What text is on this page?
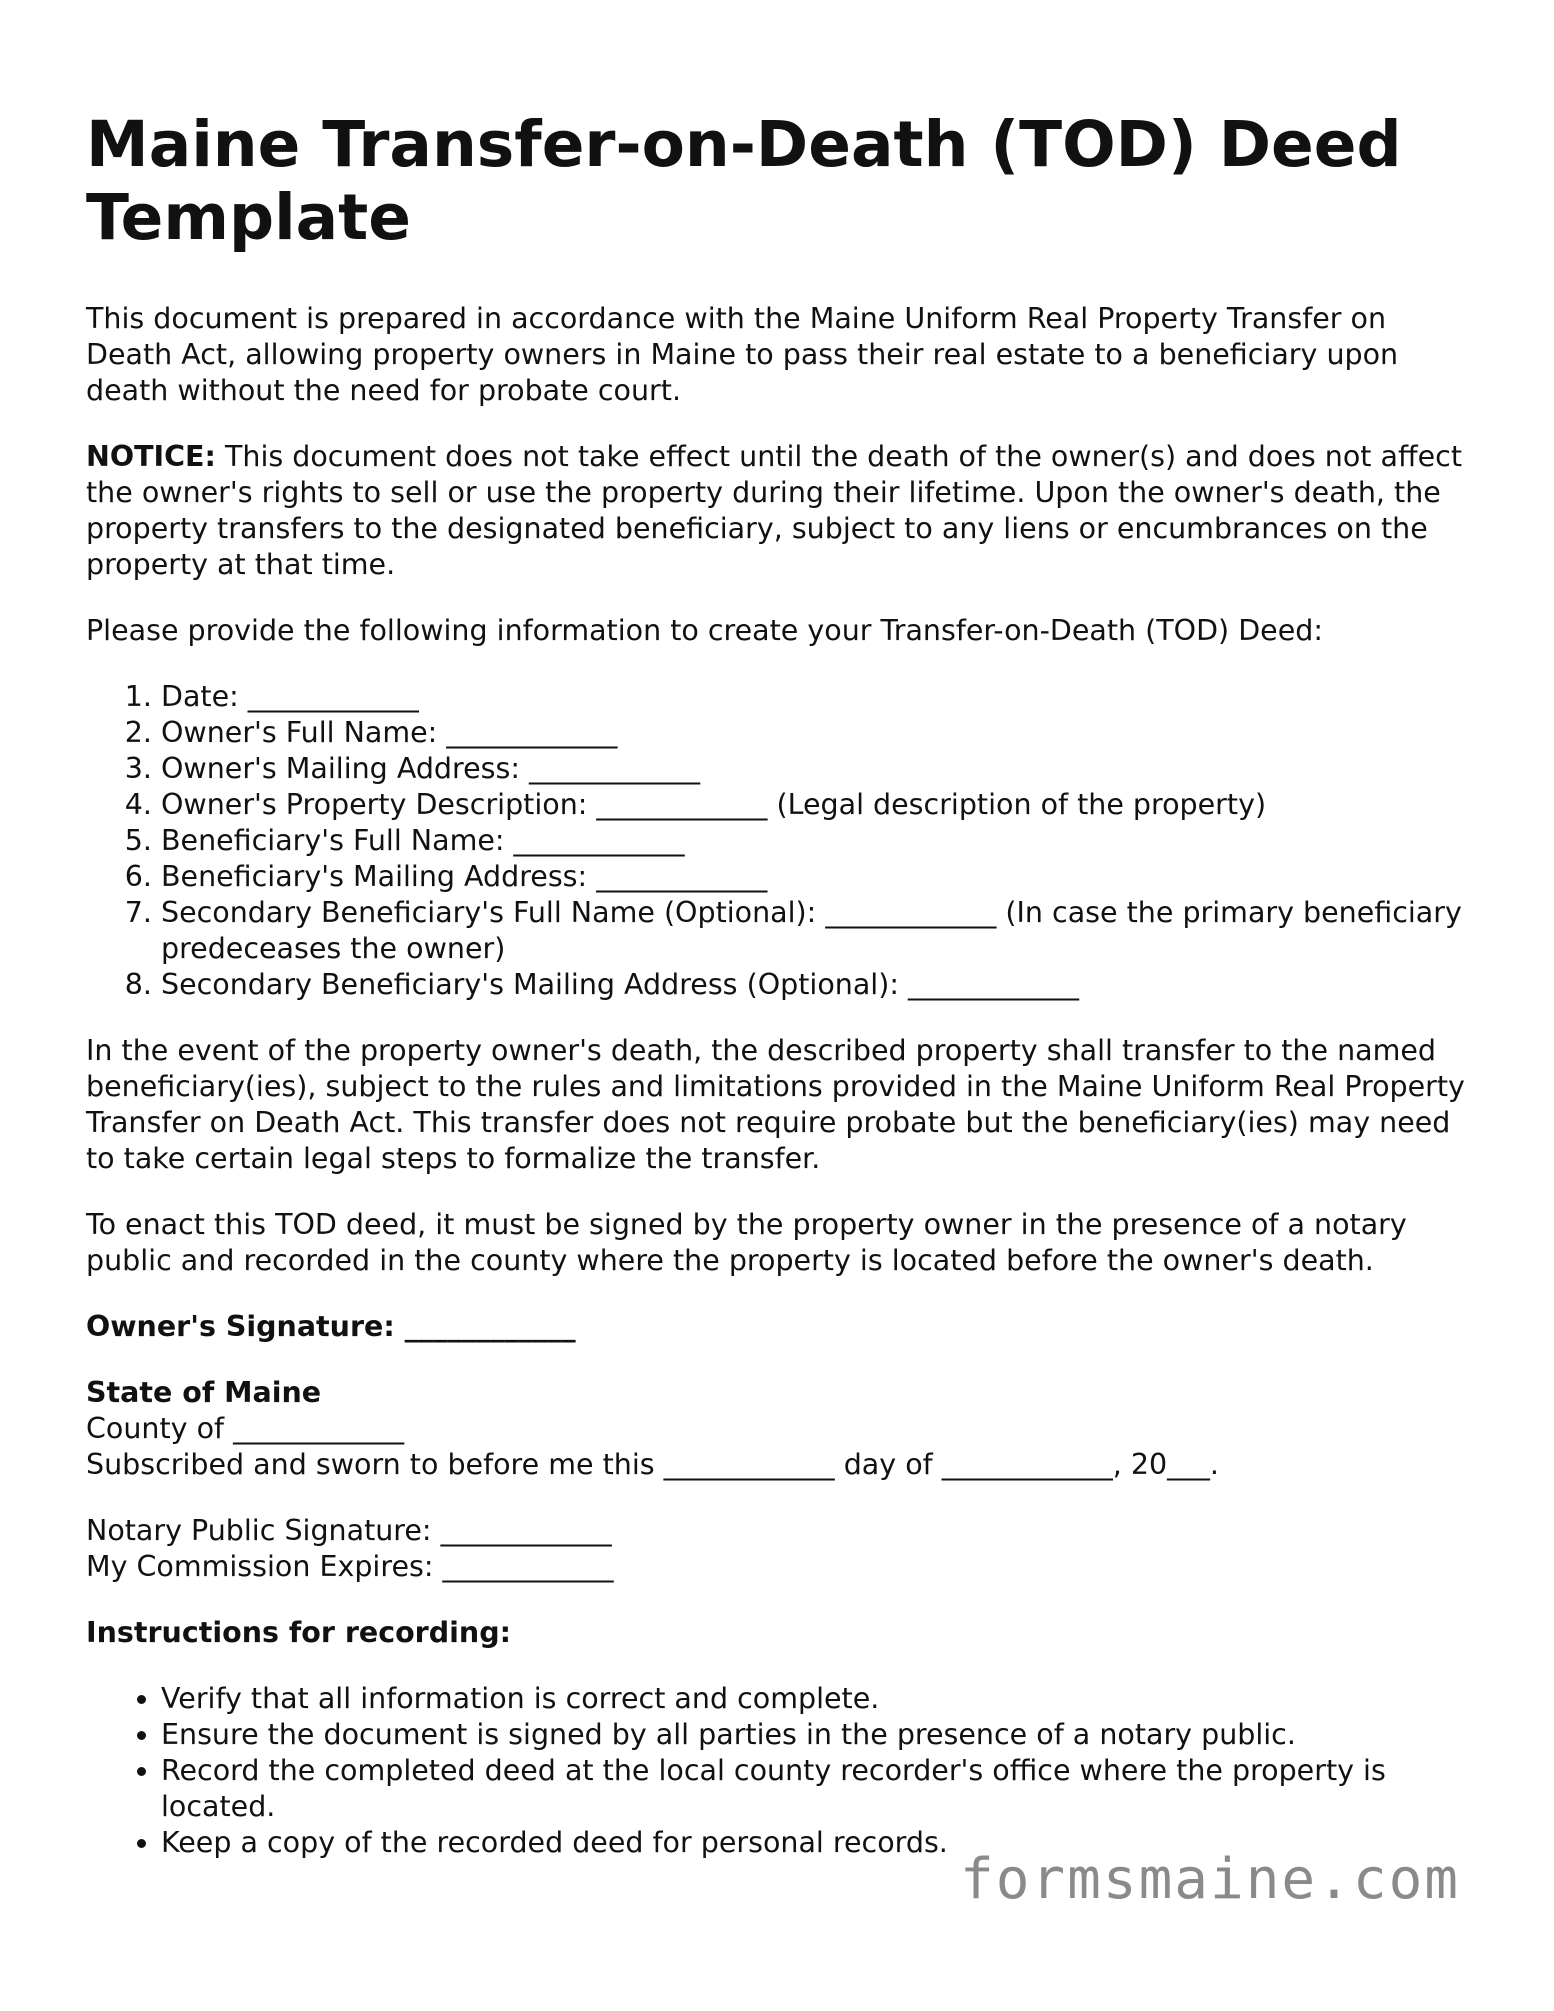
Maine Transfer-on-Death (TOD) Deed Template

This document is prepared in accordance with the Maine Uniform Real Property Transfer on Death Act, allowing property owners in Maine to pass their real estate to a beneficiary upon death without the need for probate court.

NOTICE: This document does not take effect until the death of the owner(s) and does not affect the owner's rights to sell or use the property during their lifetime. Upon the owner's death, the property transfers to the designated beneficiary, subject to any liens or encumbrances on the property at that time.

Please provide the following information to create your Transfer-on-Death (TOD) Deed:

1. Date: ____________
2. Owner's Full Name: ____________
3. Owner's Mailing Address: ____________
4. Owner's Property Description: ____________ (Legal description of the property)
5. Beneficiary's Full Name: ____________
6. Beneficiary's Mailing Address: ____________
7. Secondary Beneficiary's Full Name (Optional): ____________ (In case the primary beneficiary predeceases the owner)
8. Secondary Beneficiary's Mailing Address (Optional): ____________

In the event of the property owner's death, the described property shall transfer to the named beneficiary(ies), subject to the rules and limitations provided in the Maine Uniform Real Property Transfer on Death Act. This transfer does not require probate but the beneficiary(ies) may need to take certain legal steps to formalize the transfer.

To enact this TOD deed, it must be signed by the property owner in the presence of a notary public and recorded in the county where the property is located before the owner's death.

Owner's Signature: ____________

State of Maine
County of ____________
Subscribed and sworn to before me this ____________ day of ____________, 20___.
Notary Public Signature: ____________
My Commission Expires: ____________

Instructions for recording:

• Verify that all information is correct and complete.
• Ensure the document is signed by all parties in the presence of a notary public.
• Record the completed deed at the local county recorder's office where the property is located.
• Keep a copy of the recorded deed for personal records.
formsmaine.com
